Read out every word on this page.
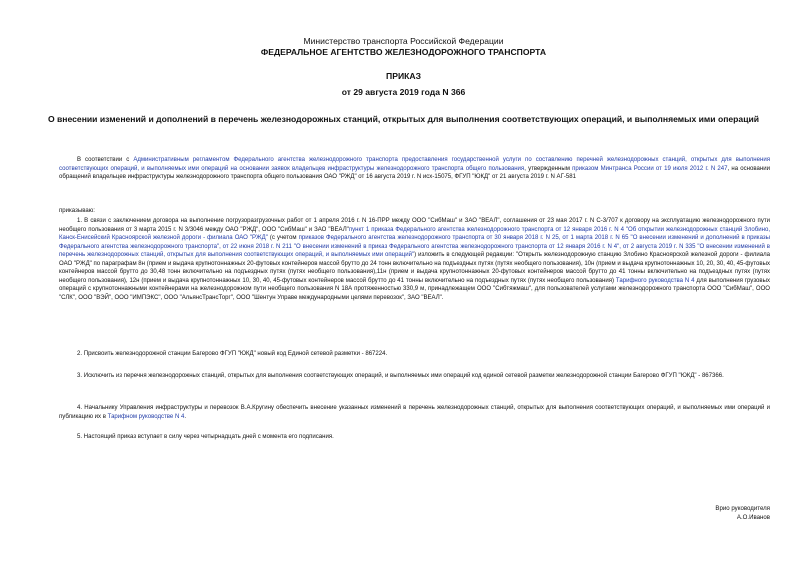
Министерство транспорта Российской Федерации
ФЕДЕРАЛЬНОЕ АГЕНТСТВО ЖЕЛЕЗНОДОРОЖНОГО ТРАНСПОРТА
ПРИКАЗ
от 29 августа 2019 года N 366
О внесении изменений и дополнений в перечень железнодорожных станций, открытых для выполнения соответствующих операций, и выполняемых ими операций
В соответствии с Административным регламентом Федерального агентства железнодорожного транспорта предоставления государственной услуги по составлению перечней железнодорожных станций, открытых для выполнения соответствующих операций, и выполняемых ими операций на основании заявок владельцев инфраструктуры железнодорожного транспорта общего пользования, утвержденным приказом Минтранса России от 19 июля 2012 г. N 247, на основании обращений владельцев инфраструктуры железнодорожного транспорта общего пользования ОАО "РЖД" от 16 августа 2019 г. N исх-15075, ФГУП "ЮКД" от 21 августа 2019 г. N АГ-581
приказываю:
1. В связи с заключением договора на выполнение погрузоразгрузочных работ от 1 апреля 2016 г. N 16-ПРР между ООО "СибМаш" и ЗАО "ВЕАЛ", соглашения от 23 мая 2017 г. N С-3/707 к договору на эксплуатацию железнодорожного пути необщего пользования от 3 марта 2015 г. N 3/3046 между ОАО "РЖД", ООО "СибМаш" и ЗАО "ВЕАЛ"пункт 1 приказа Федерального агентства железнодорожного транспорта от 12 января 2016 г. N 4 "Об открытии железнодорожных станций Злобино, Канск-Енисейский Красноярской железной дороги - филиала ОАО "РЖД" (с учетом приказов Федерального агентства железнодорожного транспорта от 30 января 2018 г. N 25, от 1 марта 2018 г. N 65 "О внесении изменений и дополнений в приказы Федерального агентства железнодорожного транспорта", от 22 июня 2018 г. N 211 "О внесении изменений в приказ Федерального агентства железнодорожного транспорта от 12 января 2016 г. N 4", от 2 августа 2019 г. N 335 "О внесении изменений в перечень железнодорожных станций, открытых для выполнения соответствующих операций, и выполняемых ими операций") изложить в следующей редакции: "Открыть железнодорожную станцию Злобино Красноярской железной дороги - филиала ОАО "РЖД" по параграфам 8н (прием и выдача крупнотоннажных 20-футовых контейнеров массой брутто до 24 тонн включительно на подъездных путях (путях необщего пользования), 10н (прием и выдача крупнотоннажных 10, 20, 30, 40, 45-футовых контейнеров массой брутто до 30,48 тонн включительно на подъездных путях (путях необщего пользования),11н (прием и выдача крупнотоннажных 20-футовых контейнеров массой брутто до 41 тонны включительно на подъездных путях (путях необщего пользования), 12н (прием и выдача крупнотоннажных 10, 30, 40, 45-футовых контейнеров массой брутто до 41 тонны включительно на подъездных путях (путях необщего пользования) Тарифного руководства N 4 для выполнения грузовых операций с крупнотоннажными контейнерами на железнодорожном пути необщего пользования N 18А протяженностью 330,9 м, принадлежащем ООО "Сибтяжмаш", для пользователей услугами железнодорожного транспорта ООО "СибМаш", ООО "СЛК", ООО "ВЭЙ", ООО "ИМПЭКС", ООО "АльянсТрансТорг", ООО "Шентун Управе международными целями перевозок", ЗАО "ВЕАЛ".
2. Присвоить железнодорожной станции Багерово ФГУП "ЮКД" новый код Единой сетевой разметки - 867224.
3. Исключить из перечня железнодорожных станций, открытых для выполнения соответствующих операций, и выполняемых ими операций код единой сетевой разметки железнодорожной станции Багерово ФГУП "ЮКД" - 867366.
4. Начальнику Управления инфраструктуры и перевозок В.А.Кругину обеспечить внесение указанных изменений в перечень железнодорожных станций, открытых для выполнения соответствующих операций, и выполняемых ими операций и публикацию их в Тарифном руководстве N 4.
5. Настоящий приказ вступает в силу через четырнадцать дней с момента его подписания.
Врио руководителя
А.О.Иванов
